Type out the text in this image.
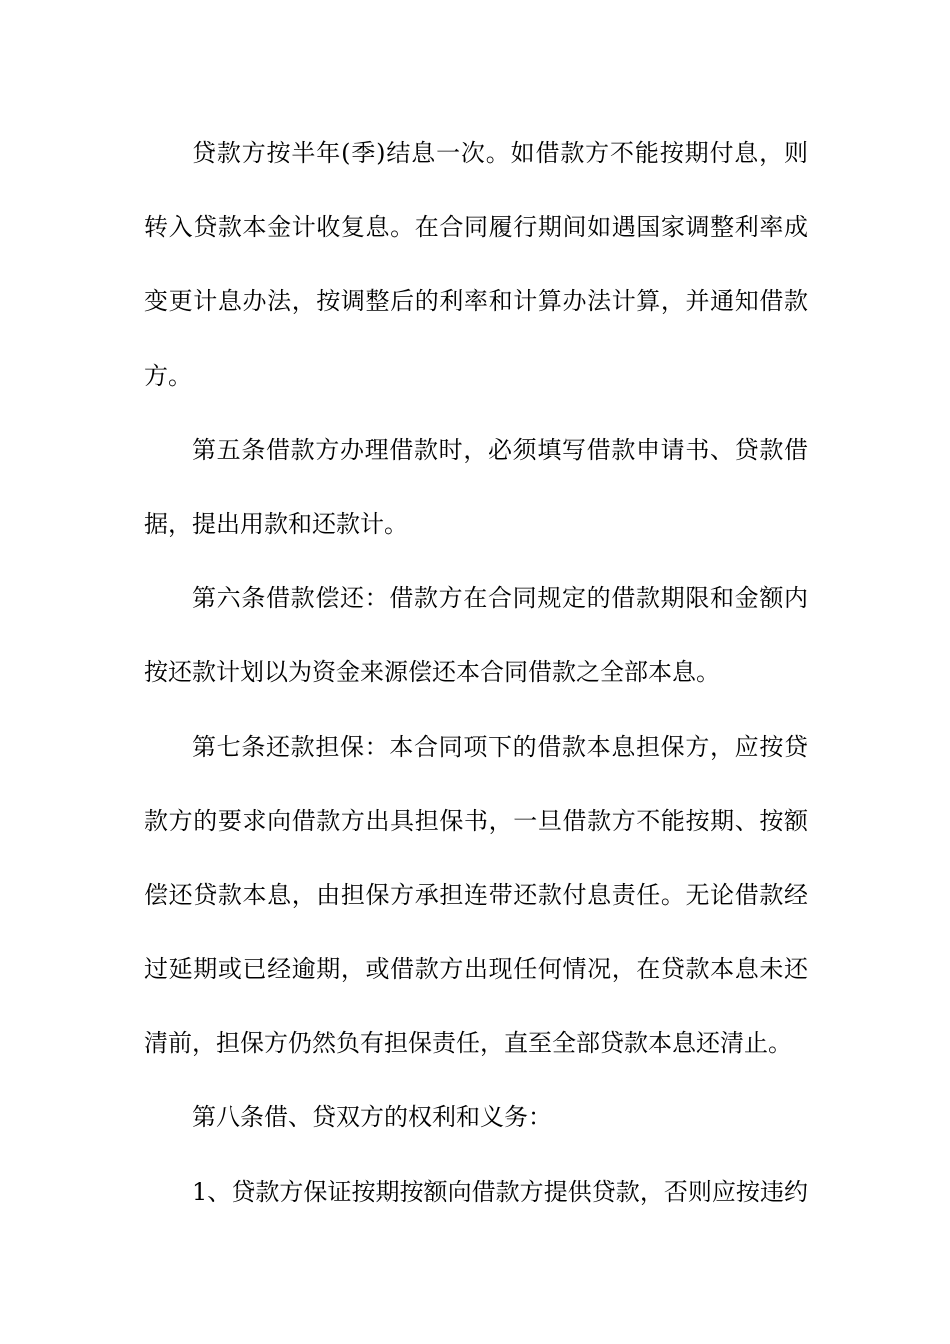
贷款方按半年(季)结息一次。如借款方不能按期付息，则
转入贷款本金计收复息。在合同履行期间如遇国家调整利率成
变更计息办法，按调整后的利率和计算办法计算，并通知借款
方。
第五条借款方办理借款时，必须填写借款申请书、贷款借
据，提出用款和还款计。
第六条借款偿还：借款方在合同规定的借款期限和金额内
按还款计划以为资金来源偿还本合同借款之全部本息。
第七条还款担保：本合同项下的借款本息担保方，应按贷
款方的要求向借款方出具担保书，一旦借款方不能按期、按额
偿还贷款本息，由担保方承担连带还款付息责任。无论借款经
过延期或已经逾期，或借款方出现任何情况，在贷款本息未还
清前，担保方仍然负有担保责任，直至全部贷款本息还清止。
第八条借、贷双方的权利和义务：
1、贷款方保证按期按额向借款方提供贷款，否则应按违约
